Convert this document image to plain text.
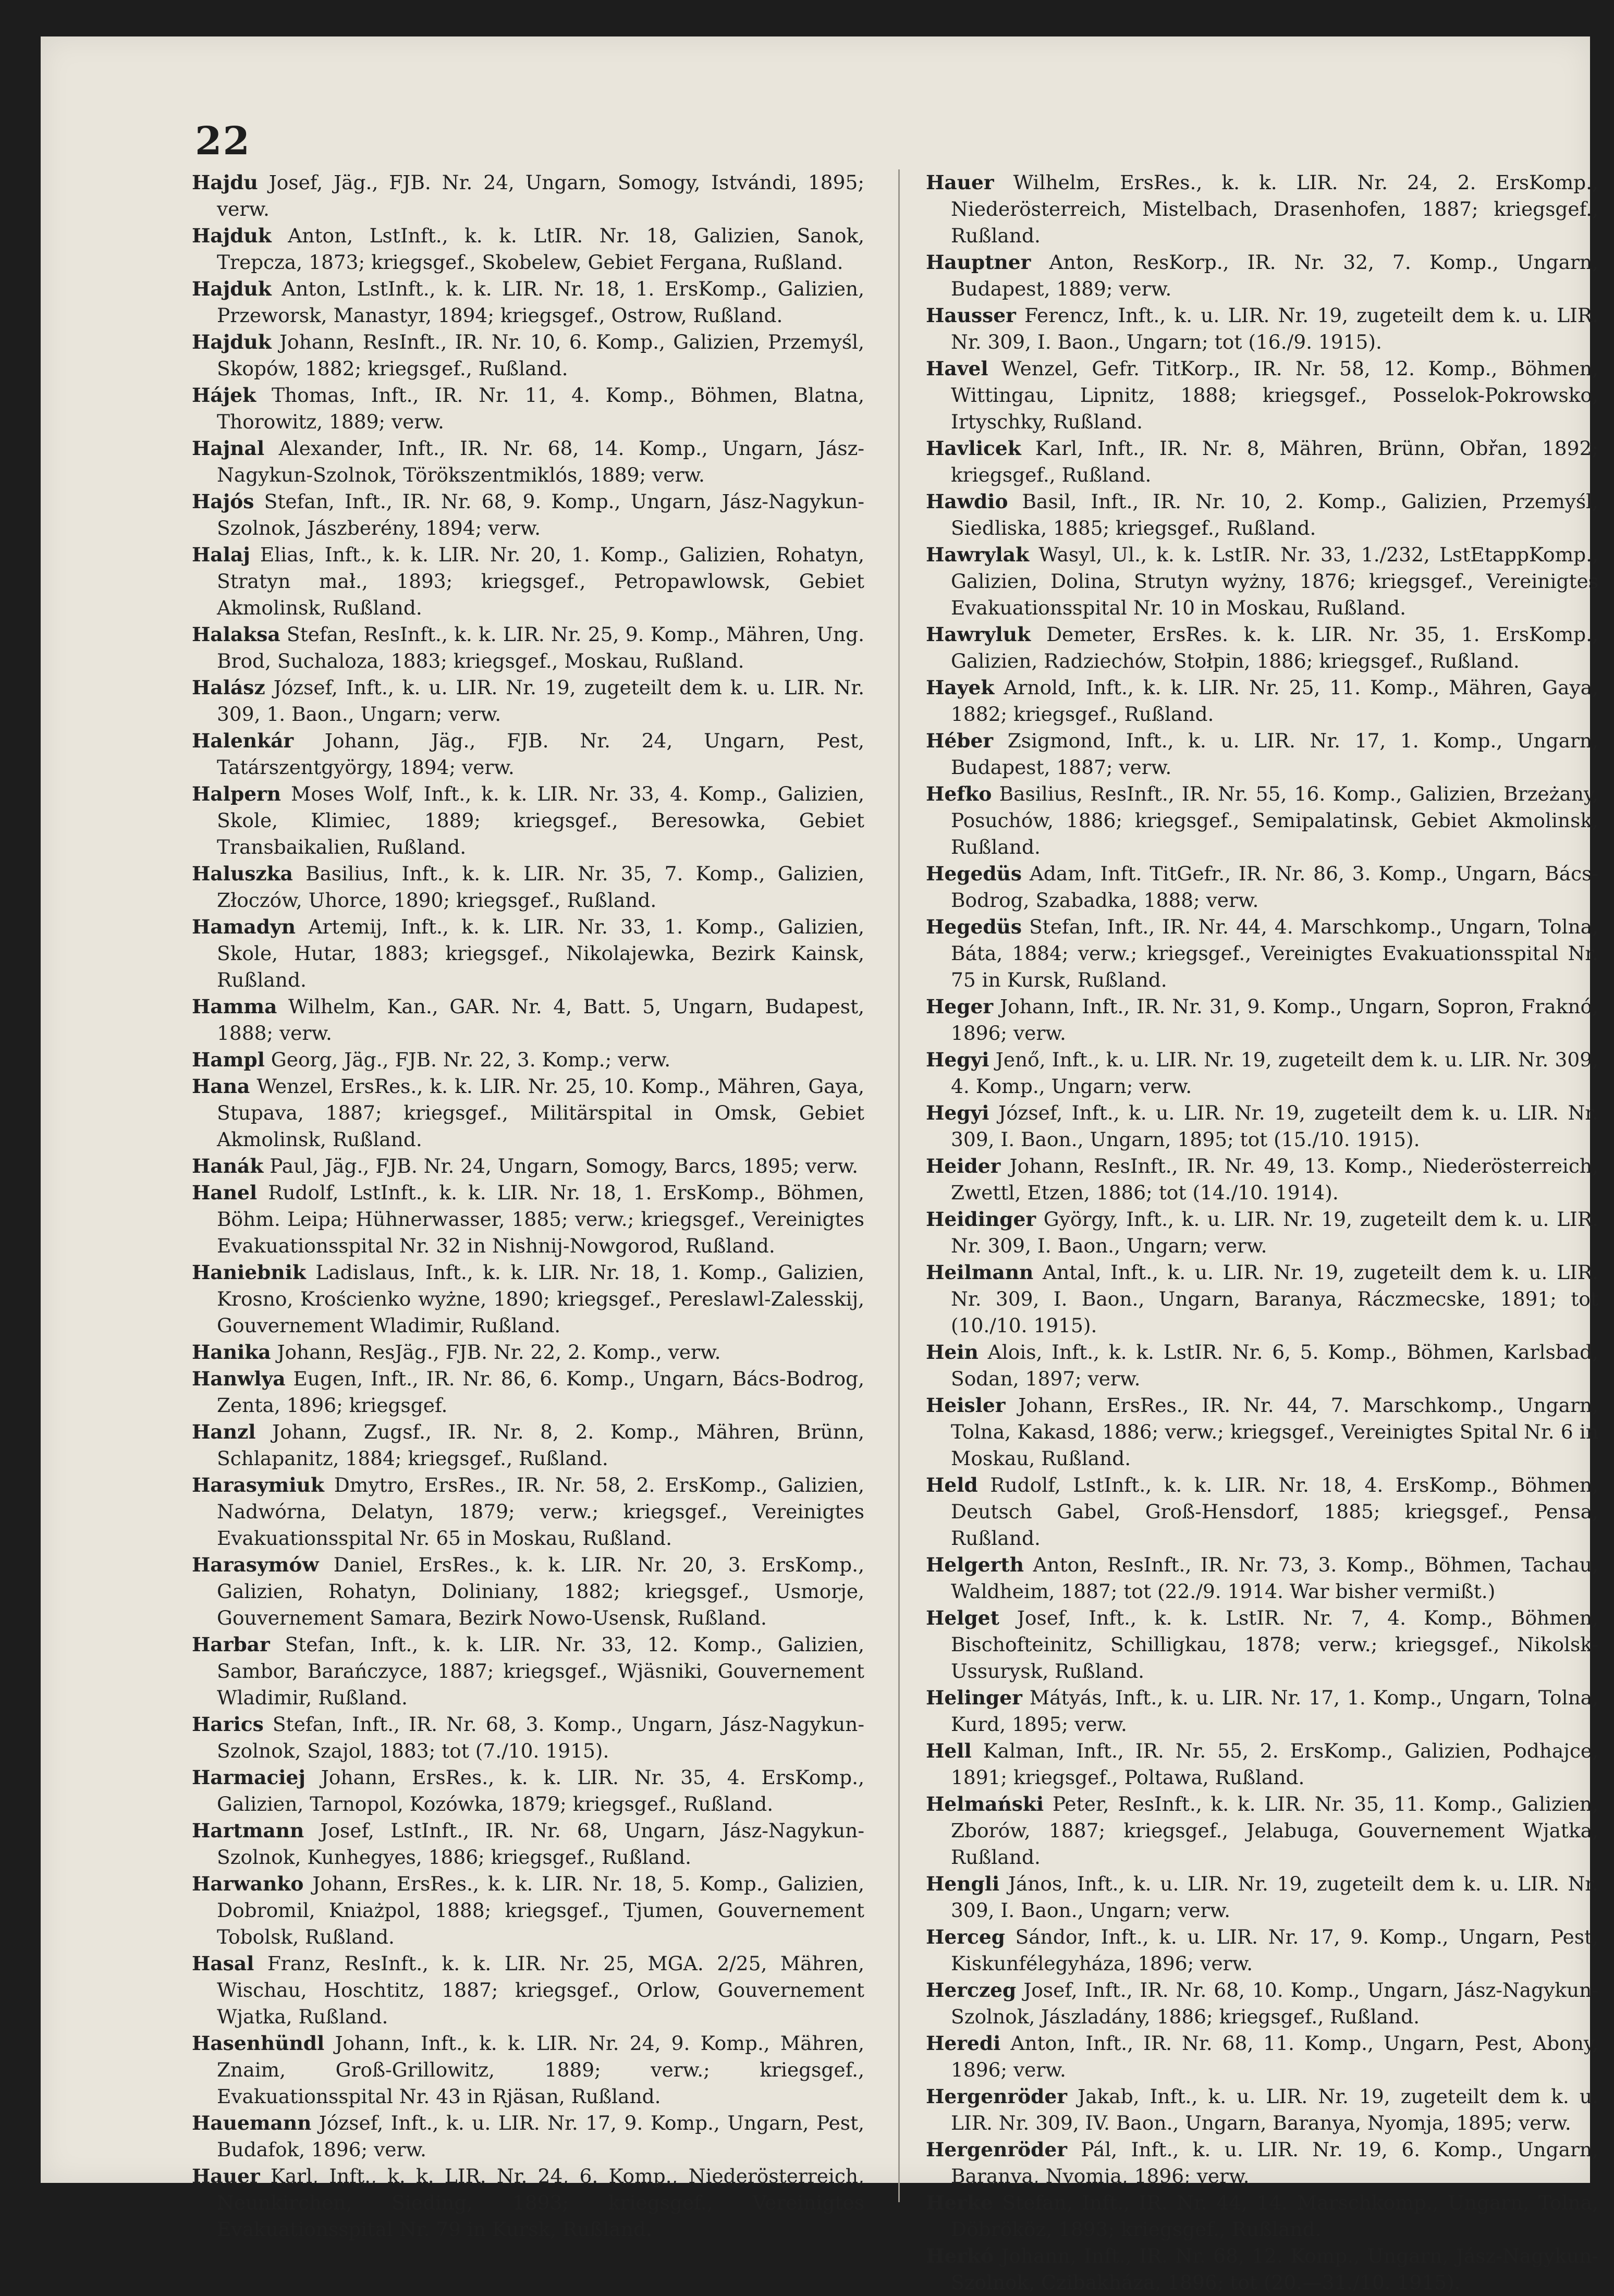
22

Hajdu Josef, Jäg., FJB. Nr. 24, Ungarn, Somogy, Istvándi, 1895; verw.

Hajduk Anton, LstInft., k. k. LtIR. Nr. 18, Galizien, Sanok, Trepcza, 1873; kriegsgef., Skobelew, Gebiet Fergana, Rußland.

Hajduk Anton, LstInft., k. k. LIR. Nr. 18, 1. ErsKomp., Galizien, Przeworsk, Manastyr, 1894; kriegsgef., Ostrow, Rußland.

Hajduk Johann, ResInft., IR. Nr. 10, 6. Komp., Galizien, Przemyśl, Skopów, 1882; kriegsgef., Rußland.

Hájek Thomas, Inft., IR. Nr. 11, 4. Komp., Böhmen, Blatna, Thorowitz, 1889; verw.

Hajnal Alexander, Inft., IR. Nr. 68, 14. Komp., Ungarn, Jász-Nagykun-Szolnok, Törökszentmiklós, 1889; verw.

Hajós Stefan, Inft., IR. Nr. 68, 9. Komp., Ungarn, Jász-Nagykun-Szolnok, Jászberény, 1894; verw.

Halaj Elias, Inft., k. k. LIR. Nr. 20, 1. Komp., Galizien, Rohatyn, Stratyn mał., 1893; kriegsgef., Petropawlowsk, Gebiet Akmolinsk, Rußland.

Halaksa Stefan, ResInft., k. k. LIR. Nr. 25, 9. Komp., Mähren, Ung. Brod, Suchaloza, 1883; kriegsgef., Moskau, Rußland.

Halász József, Inft., k. u. LIR. Nr. 19, zugeteilt dem k. u. LIR. Nr. 309, 1. Baon., Ungarn; verw.

Halenkár Johann, Jäg., FJB. Nr. 24, Ungarn, Pest, Tatárszentgyörgy, 1894; verw.

Halpern Moses Wolf, Inft., k. k. LIR. Nr. 33, 4. Komp., Galizien, Skole, Klimiec, 1889; kriegsgef., Beresowka, Gebiet Transbaikalien, Rußland.

Haluszka Basilius, Inft., k. k. LIR. Nr. 35, 7. Komp., Galizien, Złoczów, Uhorce, 1890; kriegsgef., Rußland.

Hamadyn Artemij, Inft., k. k. LIR. Nr. 33, 1. Komp., Galizien, Skole, Hutar, 1883; kriegsgef., Nikolajewka, Bezirk Kainsk, Rußland.

Hamma Wilhelm, Kan., GAR. Nr. 4, Batt. 5, Ungarn, Budapest, 1888; verw.

Hampl Georg, Jäg., FJB. Nr. 22, 3. Komp.; verw.

Hana Wenzel, ErsRes., k. k. LIR. Nr. 25, 10. Komp., Mähren, Gaya, Stupava, 1887; kriegsgef., Militärspital in Omsk, Gebiet Akmolinsk, Rußland.

Hanák Paul, Jäg., FJB. Nr. 24, Ungarn, Somogy, Barcs, 1895; verw.

Hanel Rudolf, LstInft., k. k. LIR. Nr. 18, 1. ErsKomp., Böhmen, Böhm. Leipa; Hühnerwasser, 1885; verw.; kriegsgef., Vereinigtes Evakuationsspital Nr. 32 in Nishnij-Nowgorod, Rußland.

Haniebnik Ladislaus, Inft., k. k. LIR. Nr. 18, 1. Komp., Galizien, Krosno, Krościenko wyżne, 1890; kriegsgef., Pereslawl-Zalesskij, Gouvernement Wladimir, Rußland.

Hanika Johann, ResJäg., FJB. Nr. 22, 2. Komp., verw.

Hanwlya Eugen, Inft., IR. Nr. 86, 6. Komp., Ungarn, Bács-Bodrog, Zenta, 1896; kriegsgef.

Hanzl Johann, Zugsf., IR. Nr. 8, 2. Komp., Mähren, Brünn, Schlapanitz, 1884; kriegsgef., Rußland.

Harasymiuk Dmytro, ErsRes., IR. Nr. 58, 2. ErsKomp., Galizien, Nadwórna, Delatyn, 1879; verw.; kriegsgef., Vereinigtes Evakuationsspital Nr. 65 in Moskau, Rußland.

Harasymów Daniel, ErsRes., k. k. LIR. Nr. 20, 3. ErsKomp., Galizien, Rohatyn, Doliniany, 1882; kriegsgef., Usmorje, Gouvernement Samara, Bezirk Nowo-Usensk, Rußland.

Harbar Stefan, Inft., k. k. LIR. Nr. 33, 12. Komp., Galizien, Sambor, Barańczyce, 1887; kriegsgef., Wjäsniki, Gouvernement Wladimir, Rußland.

Harics Stefan, Inft., IR. Nr. 68, 3. Komp., Ungarn, Jász-Nagykun-Szolnok, Szajol, 1883; tot (7./10. 1915).

Harmaciej Johann, ErsRes., k. k. LIR. Nr. 35, 4. ErsKomp., Galizien, Tarnopol, Kozówka, 1879; kriegsgef., Rußland.

Hartmann Josef, LstInft., IR. Nr. 68, Ungarn, Jász-Nagykun-Szolnok, Kunhegyes, 1886; kriegsgef., Rußland.

Harwanko Johann, ErsRes., k. k. LIR. Nr. 18, 5. Komp., Galizien, Dobromil, Kniażpol, 1888; kriegsgef., Tjumen, Gouvernement Tobolsk, Rußland.

Hasal Franz, ResInft., k. k. LIR. Nr. 25, MGA. 2/25, Mähren, Wischau, Hoschtitz, 1887; kriegsgef., Orlow, Gouvernement Wjatka, Rußland.

Hasenhündl Johann, Inft., k. k. LIR. Nr. 24, 9. Komp., Mähren, Znaim, Groß-Grillowitz, 1889; verw.; kriegsgef., Evakuationsspital Nr. 43 in Rjäsan, Rußland.

Hauemann József, Inft., k. u. LIR. Nr. 17, 9. Komp., Ungarn, Pest, Budafok, 1896; verw.

Hauer Karl, Inft., k. k. LIR. Nr. 24, 6. Komp., Niederösterreich, Neunkirchen, Sieding, 1893; kriegsgef., Vereinigtes Evakuationsspital Nr. 79 in Kursk, Rußland.

Hauer Wilhelm, ErsRes., k. k. LIR. Nr. 24, 2. ErsKomp., Niederösterreich, Mistelbach, Drasenhofen, 1887; kriegsgef., Rußland.

Hauptner Anton, ResKorp., IR. Nr. 32, 7. Komp., Ungarn, Budapest, 1889; verw.

Hausser Ferencz, Inft., k. u. LIR. Nr. 19, zugeteilt dem k. u. LIR. Nr. 309, I. Baon., Ungarn; tot (16./9. 1915).

Havel Wenzel, Gefr. TitKorp., IR. Nr. 58, 12. Komp., Böhmen, Wittingau, Lipnitz, 1888; kriegsgef., Posselok-Pokrowsko, Irtyschky, Rußland.

Havlicek Karl, Inft., IR. Nr. 8, Mähren, Brünn, Obřan, 1892; kriegsgef., Rußland.

Hawdio Basil, Inft., IR. Nr. 10, 2. Komp., Galizien, Przemyśl, Siedliska, 1885; kriegsgef., Rußland.

Hawrylak Wasyl, Ul., k. k. LstIR. Nr. 33, 1./232, LstEtappKomp., Galizien, Dolina, Strutyn wyżny, 1876; kriegsgef., Vereinigtes Evakuationsspital Nr. 10 in Moskau, Rußland.

Hawryluk Demeter, ErsRes. k. k. LIR. Nr. 35, 1. ErsKomp., Galizien, Radziechów, Stołpin, 1886; kriegsgef., Rußland.

Hayek Arnold, Inft., k. k. LIR. Nr. 25, 11. Komp., Mähren, Gaya, 1882; kriegsgef., Rußland.

Héber Zsigmond, Inft., k. u. LIR. Nr. 17, 1. Komp., Ungarn, Budapest, 1887; verw.

Hefko Basilius, ResInft., IR. Nr. 55, 16. Komp., Galizien, Brzeżany, Posuchów, 1886; kriegsgef., Semipalatinsk, Gebiet Akmolinsk, Rußland.

Hegedüs Adam, Inft. TitGefr., IR. Nr. 86, 3. Komp., Ungarn, Bács-Bodrog, Szabadka, 1888; verw.

Hegedüs Stefan, Inft., IR. Nr. 44, 4. Marschkomp., Ungarn, Tolna, Báta, 1884; verw.; kriegsgef., Vereinigtes Evakuationsspital Nr. 75 in Kursk, Rußland.

Heger Johann, Inft., IR. Nr. 31, 9. Komp., Ungarn, Sopron, Fraknó, 1896; verw.

Hegyi Jenő, Inft., k. u. LIR. Nr. 19, zugeteilt dem k. u. LIR. Nr. 309, 4. Komp., Ungarn; verw.

Hegyi József, Inft., k. u. LIR. Nr. 19, zugeteilt dem k. u. LIR. Nr. 309, I. Baon., Ungarn, 1895; tot (15./10. 1915).

Heider Johann, ResInft., IR. Nr. 49, 13. Komp., Niederösterreich, Zwettl, Etzen, 1886; tot (14./10. 1914).

Heidinger György, Inft., k. u. LIR. Nr. 19, zugeteilt dem k. u. LIR. Nr. 309, I. Baon., Ungarn; verw.

Heilmann Antal, Inft., k. u. LIR. Nr. 19, zugeteilt dem k. u. LIR. Nr. 309, I. Baon., Ungarn, Baranya, Ráczmecske, 1891; tot (10./10. 1915).

Hein Alois, Inft., k. k. LstIR. Nr. 6, 5. Komp., Böhmen, Karlsbad, Sodan, 1897; verw.

Heisler Johann, ErsRes., IR. Nr. 44, 7. Marschkomp., Ungarn, Tolna, Kakasd, 1886; verw.; kriegsgef., Vereinigtes Spital Nr. 6 in Moskau, Rußland.

Held Rudolf, LstInft., k. k. LIR. Nr. 18, 4. ErsKomp., Böhmen, Deutsch Gabel, Groß-Hensdorf, 1885; kriegsgef., Pensa, Rußland.

Helgerth Anton, ResInft., IR. Nr. 73, 3. Komp., Böhmen, Tachau, Waldheim, 1887; tot (22./9. 1914. War bisher vermißt.)

Helget Josef, Inft., k. k. LstIR. Nr. 7, 4. Komp., Böhmen, Bischofteinitz, Schilligkau, 1878; verw.; kriegsgef., Nikolsk-Ussurysk, Rußland.

Helinger Mátyás, Inft., k. u. LIR. Nr. 17, 1. Komp., Ungarn, Tolna, Kurd, 1895; verw.

Hell Kalman, Inft., IR. Nr. 55, 2. ErsKomp., Galizien, Podhajce, 1891; kriegsgef., Poltawa, Rußland.

Helmański Peter, ResInft., k. k. LIR. Nr. 35, 11. Komp., Galizien, Zborów, 1887; kriegsgef., Jelabuga, Gouvernement Wjatka, Rußland.

Hengli János, Inft., k. u. LIR. Nr. 19, zugeteilt dem k. u. LIR. Nr. 309, I. Baon., Ungarn; verw.

Herceg Sándor, Inft., k. u. LIR. Nr. 17, 9. Komp., Ungarn, Pest, Kiskunfélegyháza, 1896; verw.

Herczeg Josef, Inft., IR. Nr. 68, 10. Komp., Ungarn, Jász-Nagykun-Szolnok, Jászladány, 1886; kriegsgef., Rußland.

Heredi Anton, Inft., IR. Nr. 68, 11. Komp., Ungarn, Pest, Abony, 1896; verw.

Hergenröder Jakab, Inft., k. u. LIR. Nr. 19, zugeteilt dem k. u. LIR. Nr. 309, IV. Baon., Ungarn, Baranya, Nyomja, 1895; verw.

Hergenröder Pál, Inft., k. u. LIR. Nr. 19, 6. Komp., Ungarn, Baranya, Nyomja, 1896; verw.

Herke Stefan, Inft., IR. Nr. 44, 14. Marschkomp., Ungarn, Tolna, Döbrököz, 1893; kriegsgef., Rußland.

Herkó Johann, Inft., IR. Nr. 68, 12. Komp., Ungarn, Jász-Nagykun-Szolnok, Czibakháza, 1896; tot (20.—31./10. 1915).
